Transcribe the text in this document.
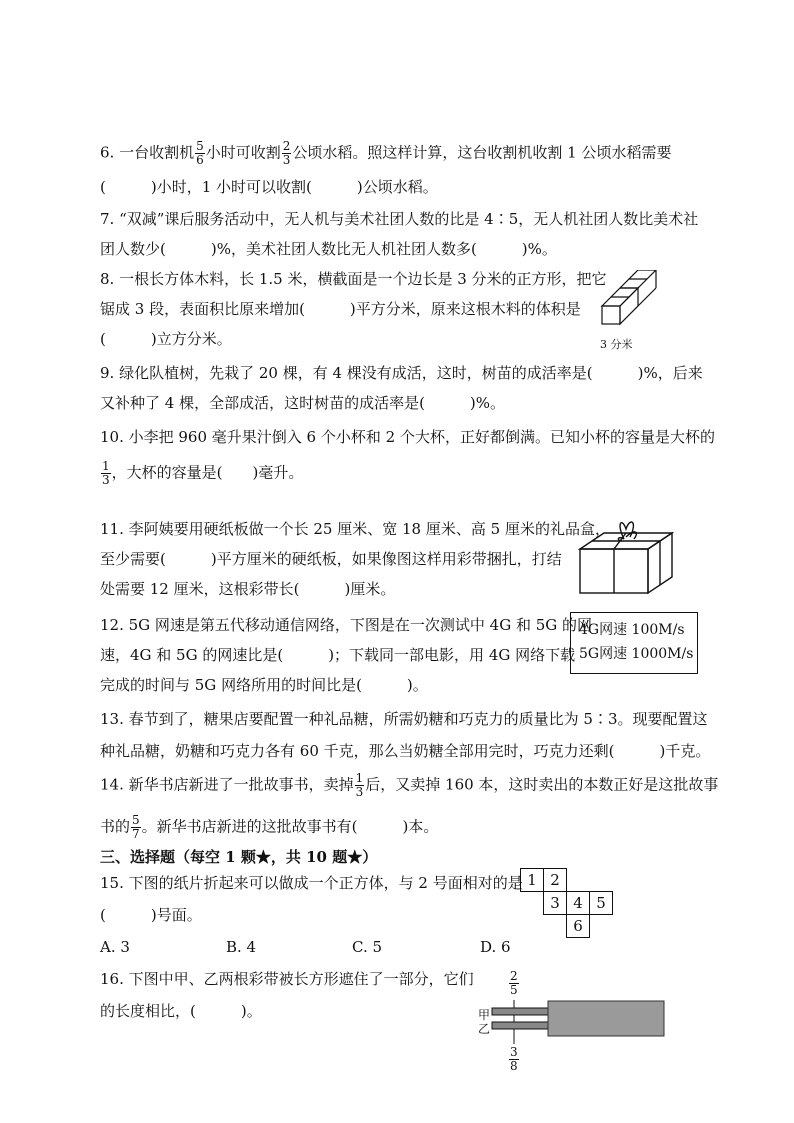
6. 一台收割机 $\frac{5}{6}$ 小时可收割 $\frac{2}{3}$ 公顷水稻。照这样计算，这台收割机收割 1 公顷水稻需要
(　　　)小时，1 小时可以收割(　　　)公顷水稻。
7. “双减”课后服务活动中，无人机与美术社团人数的比是 4∶5，无人机社团人数比美术社
团人数少(　　　)%，美术社团人数比无人机社团人数多(　　　)%。
8. 一根长方体木料，长 1.5 米，横截面是一个边长是 3 分米的正方形，把它
锯成 3 段，表面积比原来增加(　　　)平方分米，原来这根木料的体积是
(　　　)立方分米。	3 分米
9. 绿化队植树，先栽了 20 棵，有 4 棵没有成活，这时，树苗的成活率是(　　　)%，后来
又补种了 4 棵，全部成活，这时树苗的成活率是(　　　)%。
10. 小李把 960 毫升果汁倒入 6 个小杯和 2 个大杯，正好都倒满。已知小杯的容量是大杯的
$\frac{1}{3}$ ，大杯的容量是(　　)毫升。
11. 李阿姨要用硬纸板做一个长 25 厘米、宽 18 厘米、高 5 厘米的礼品盒，
至少需要(　　　)平方厘米的硬纸板，如果像图这样用彩带捆扎，打结
处需要 12 厘米，这根彩带长(　　　)厘米。
12. 5G 网速是第五代移动通信网络，下图是在一次测试中 4G 和 5G 的网
速，4G 和 5G 的网速比是(　　　)；下载同一部电影，用 4G 网络下载
完成的时间与 5G 网络所用的时间比是(　　　)。
4G网速 100M/s
5G网速 1000M/s
13. 春节到了，糖果店要配置一种礼品糖，所需奶糖和巧克力的质量比为 5∶3。现要配置这
种礼品糖，奶糖和巧克力各有 60 千克，那么当奶糖全部用完时，巧克力还剩(　　　)千克。
14. 新华书店新进了一批故事书，卖掉 $\frac{1}{3}$ 后，又卖掉 160 本，这时卖出的本数正好是这批故事
书的 $\frac{5}{7}$ 。新华书店新进的这批故事书有(　　　)本。
三、选择题（每空 1 颗★，共 10 题★）
15. 下图的纸片折起来可以做成一个正方体，与 2 号面相对的是
(　　　)号面。
A. 3	B. 4	C. 5	D. 6
1 2
3 4 5
6
16. 下图中甲、乙两根彩带被长方形遮住了一部分，它们
的长度相比，(　　　)。
2
5
甲
乙
3
8
